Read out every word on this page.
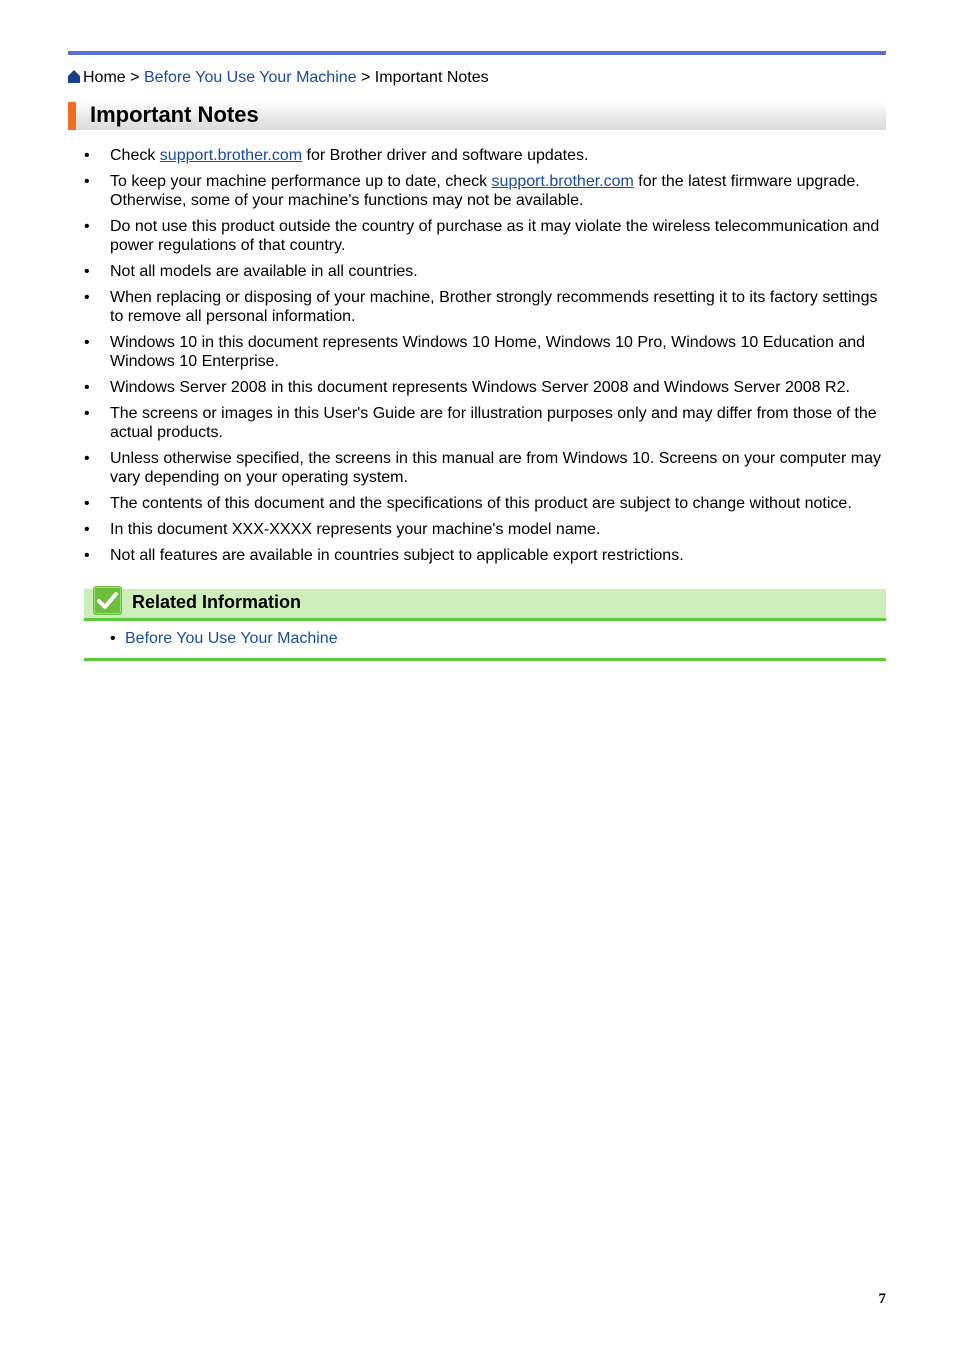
Home > Before You Use Your Machine > Important Notes
Important Notes
• Check support.brother.com for Brother driver and software updates.
• To keep your machine performance up to date, check support.brother.com for the latest firmware upgrade. Otherwise, some of your machine's functions may not be available.
• Do not use this product outside the country of purchase as it may violate the wireless telecommunication and power regulations of that country.
• Not all models are available in all countries.
• When replacing or disposing of your machine, Brother strongly recommends resetting it to its factory settings to remove all personal information.
• Windows 10 in this document represents Windows 10 Home, Windows 10 Pro, Windows 10 Education and Windows 10 Enterprise.
• Windows Server 2008 in this document represents Windows Server 2008 and Windows Server 2008 R2.
• The screens or images in this User's Guide are for illustration purposes only and may differ from those of the actual products.
• Unless otherwise specified, the screens in this manual are from Windows 10. Screens on your computer may vary depending on your operating system.
• The contents of this document and the specifications of this product are subject to change without notice.
• In this document XXX-XXXX represents your machine's model name.
• Not all features are available in countries subject to applicable export restrictions.
Related Information
• Before You Use Your Machine
7
